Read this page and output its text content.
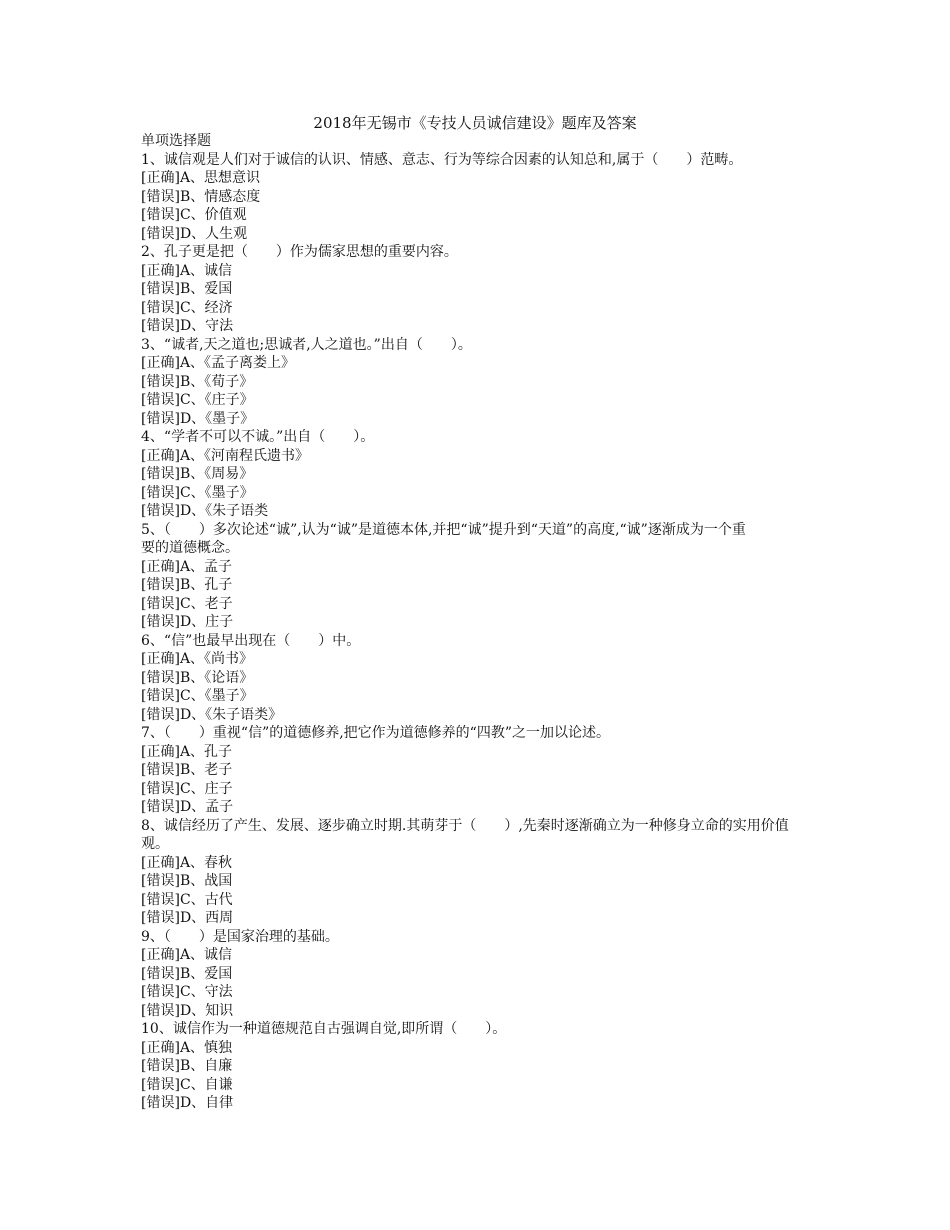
2018年无锡市《专技人员诚信建设》题库及答案
单项选择题
1、诚信观是人们对于诚信的认识、情感、意志、行为等综合因素的认知总和,属于（　　）范畴。
[正确]A、思想意识
[错误]B、情感态度
[错误]C、价值观
[错误]D、人生观
2、孔子更是把（　　）作为儒家思想的重要内容。
[正确]A、诚信
[错误]B、爱国
[错误]C、经济
[错误]D、守法
3、“诚者,天之道也;思诚者,人之道也。”出自（　　）。
[正确]A、《孟子离娄上》
[错误]B、《荀子》
[错误]C、《庄子》
[错误]D、《墨子》
4、“学者不可以不诚。”出自（　　）。
[正确]A、《河南程氏遗书》
[错误]B、《周易》
[错误]C、《墨子》
[错误]D、《朱子语类
5、（　　）多次论述“诚”,认为“诚”是道德本体,并把“诚”提升到“天道”的高度,“诚”逐渐成为一个重要的道德概念。
[正确]A、孟子
[错误]B、孔子
[错误]C、老子
[错误]D、庄子
6、“信”也最早出现在（　　）中。
[正确]A、《尚书》
[错误]B、《论语》
[错误]C、《墨子》
[错误]D、《朱子语类》
7、（　　）重视“信”的道德修养,把它作为道德修养的“四教”之一加以论述。
[正确]A、孔子
[错误]B、老子
[错误]C、庄子
[错误]D、孟子
8、诚信经历了产生、发展、逐步确立时期.其萌芽于（　　）,先秦时逐渐确立为一种修身立命的实用价值观。
[正确]A、春秋
[错误]B、战国
[错误]C、古代
[错误]D、西周
9、（　　）是国家治理的基础。
[正确]A、诚信
[错误]B、爱国
[错误]C、守法
[错误]D、知识
10、诚信作为一种道德规范自古强调自觉,即所谓（　　）。
[正确]A、慎独
[错误]B、自廉
[错误]C、自谦
[错误]D、自律
